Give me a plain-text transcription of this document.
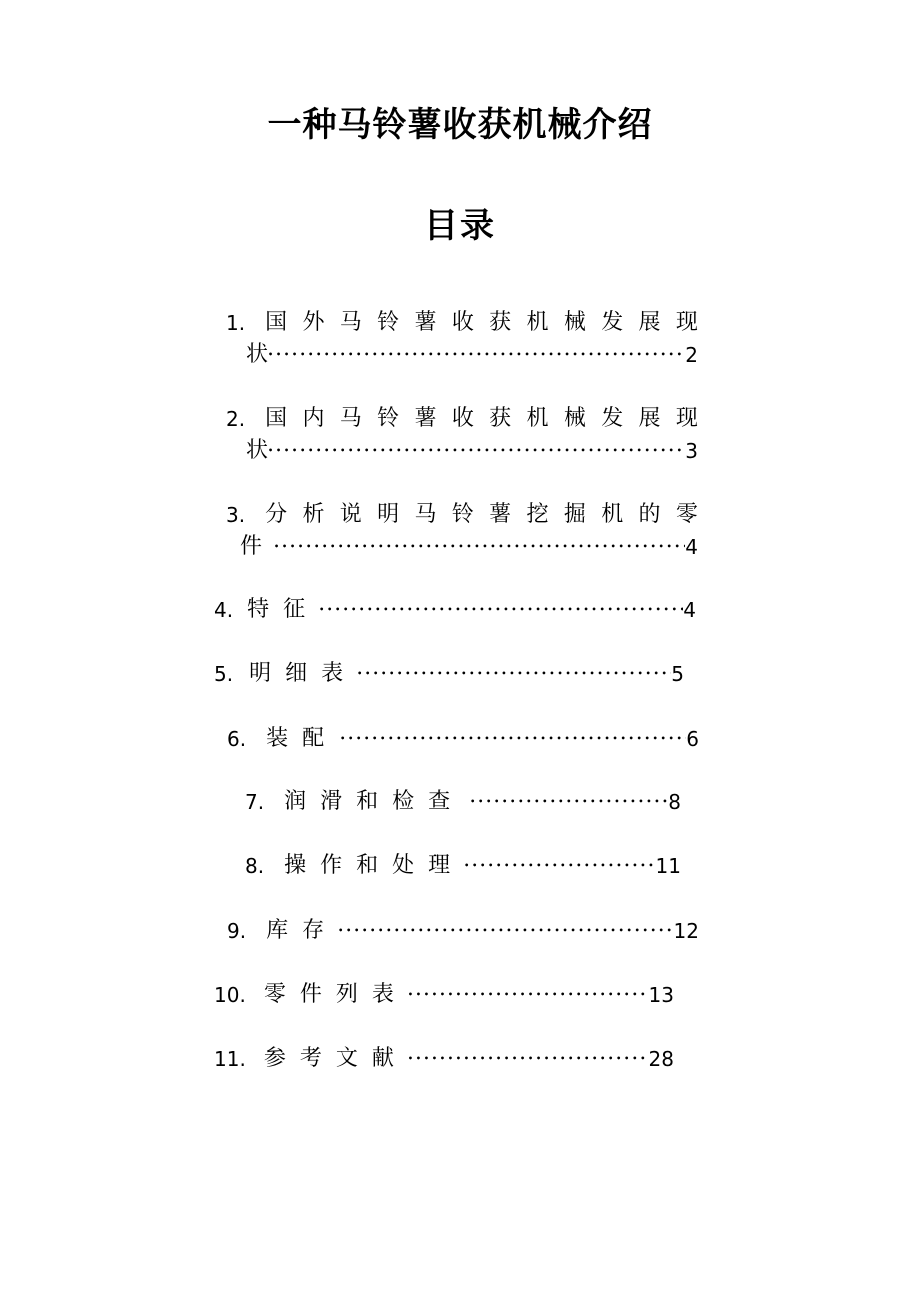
一种马铃薯收获机械介绍
目录
1. 国 外 马 铃 薯 收 获 机 械 发 展 现
状 •••••	2
2. 国 内 马 铃 薯 收 获 机 械 发 展 现
状 •••••	3
3. 分 析 说 明 马 铃 薯 挖 掘 机 的 零
件 •••••	4
4. 特征 •••••	4
5. 明细表 •••••	5
6. 装配 •••••	6
7. 润滑和检查 •••••	8
8. 操作和处理 •••••	11
9. 库存 •••••	12
10. 零件列表 •••••	13
11. 参考文献 •••••	28
